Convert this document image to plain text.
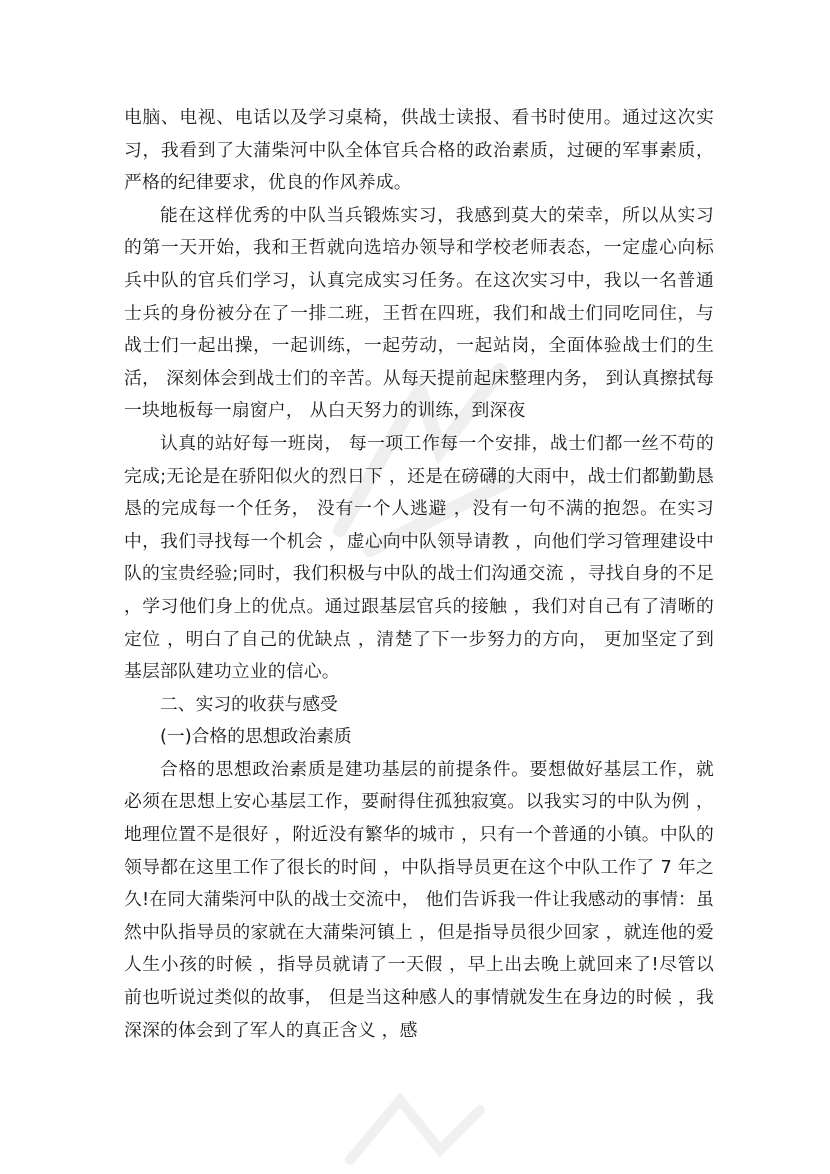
电脑、电视、电话以及学习桌椅，供战士读报、看书时使用。通过这次实习，我看到了大蒲柴河中队全体官兵合格的政治素质，过硬的军事素质，严格的纪律要求，优良的作风养成。

能在这样优秀的中队当兵锻炼实习，我感到莫大的荣幸，所以从实习的第一天开始，我和王哲就向选培办领导和学校老师表态，一定虚心向标兵中队的官兵们学习，认真完成实习任务。在这次实习中，我以一名普通士兵的身份被分在了一排二班，王哲在四班，我们和战士们同吃同住，与战士们一起出操，一起训练，一起劳动，一起站岗，全面体验战士们的生活， 深刻体会到战士们的辛苦。从每天提前起床整理内务， 到认真擦拭每一块地板每一扇窗户， 从白天努力的训练，到深夜

认真的站好每一班岗， 每一项工作每一个安排，战士们都一丝不苟的完成;无论是在骄阳似火的烈日下 ，还是在磅礴的大雨中，战士们都勤勤恳恳的完成每一个任务， 没有一个人逃避 ，没有一句不满的抱怨。在实习中，我们寻找每一个机会 ，虚心向中队领导请教 ，向他们学习管理建设中队的宝贵经验;同时，我们积极与中队的战士们沟通交流 ，寻找自身的不足 ，学习他们身上的优点。通过跟基层官兵的接触 ，我们对自己有了清晰的定位 ，明白了自己的优缺点 ，清楚了下一步努力的方向， 更加坚定了到基层部队建功立业的信心。

二、实习的收获与感受

(一)合格的思想政治素质

合格的思想政治素质是建功基层的前提条件。要想做好基层工作，就必须在思想上安心基层工作，要耐得住孤独寂寞。以我实习的中队为例 ，地理位置不是很好 ，附近没有繁华的城市 ，只有一个普通的小镇。中队的领导都在这里工作了很长的时间 ，中队指导员更在这个中队工作了 7 年之久!在同大蒲柴河中队的战士交流中， 他们告诉我一件让我感动的事情：虽然中队指导员的家就在大蒲柴河镇上 ，但是指导员很少回家 ，就连他的爱人生小孩的时候 ，指导员就请了一天假 ，早上出去晚上就回来了!尽管以前也听说过类似的故事， 但是当这种感人的事情就发生在身边的时候 ，我深深的体会到了军人的真正含义 ，感
